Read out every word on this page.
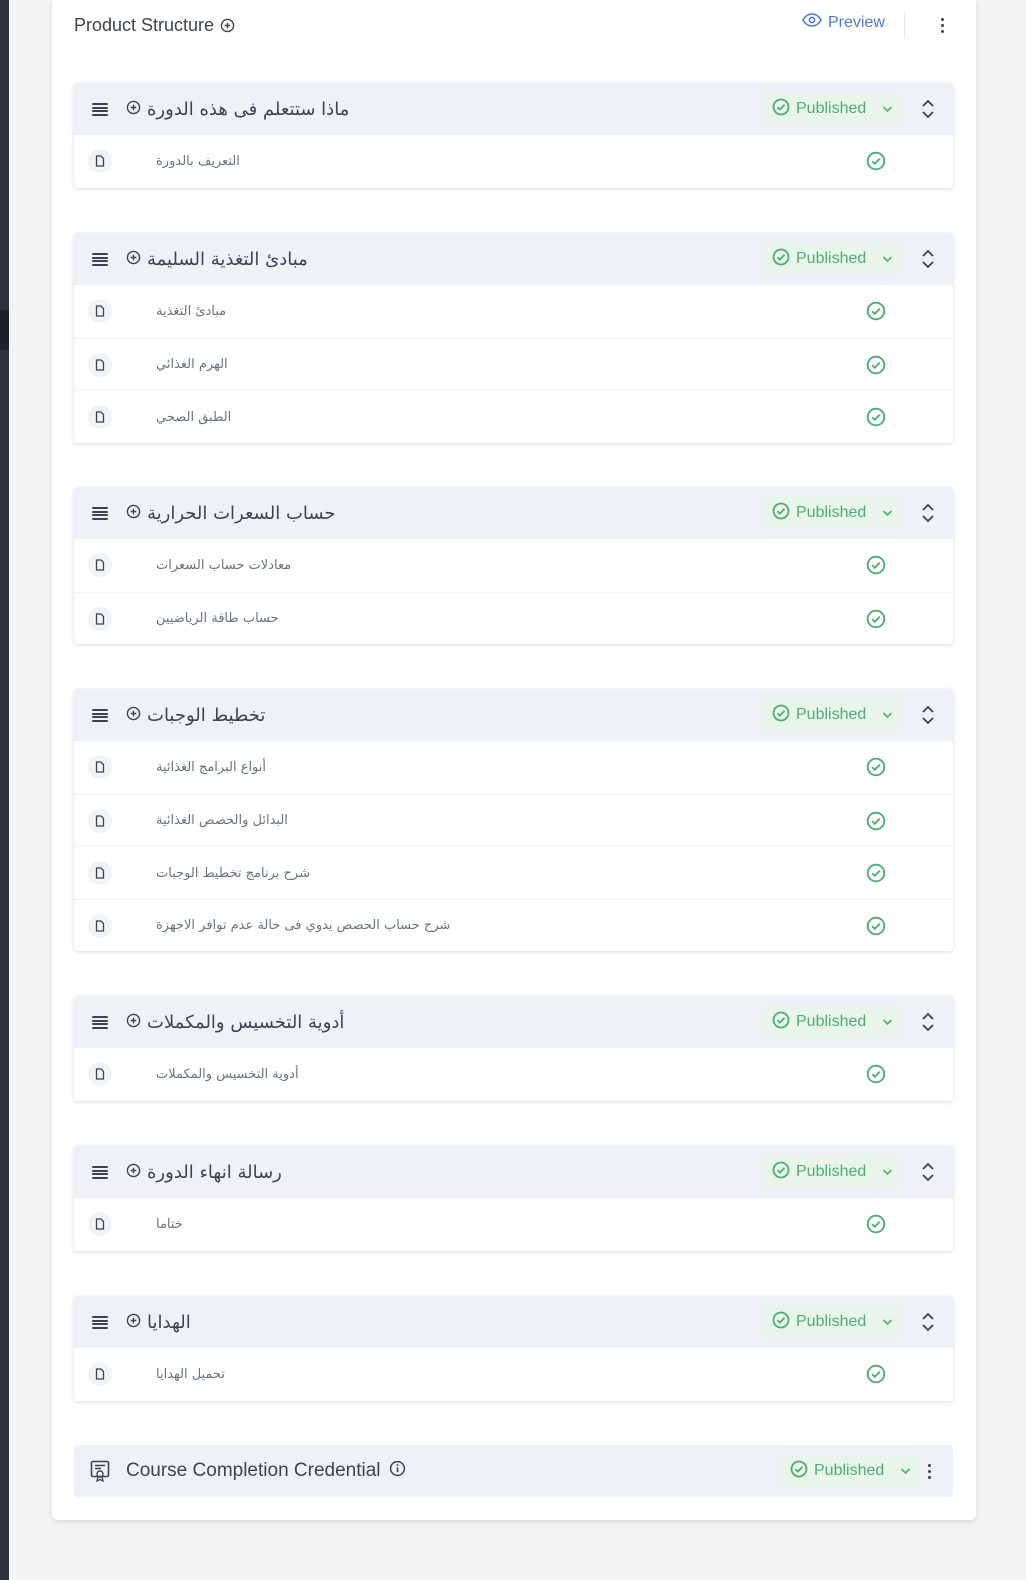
Product Structure	Preview
ماذا ستتعلم فى هذه الدورة	Published
التعريف بالدورة
مبادئ التغذية السليمة	Published
مبادئ التغذية
الهرم الغذائي
الطبق الصحي
حساب السعرات الحرارية	Published
معادلات حساب السعرات
حساب طاقة الرياضيين
تخطيط الوجبات	Published
أنواع البرامج الغذائية
البدائل والحصص الغذائية
شرح برنامج تخطيط الوجبات
شرح حساب الحصص يدوي فى حالة عدم توافر الاجهزة
أدوية التخسيس والمكملات	Published
أدوية التخسيس والمكملات
رسالة انهاء الدورة	Published
ختاما
الهدايا	Published
تحميل الهدايا
Course Completion Credential	Published
